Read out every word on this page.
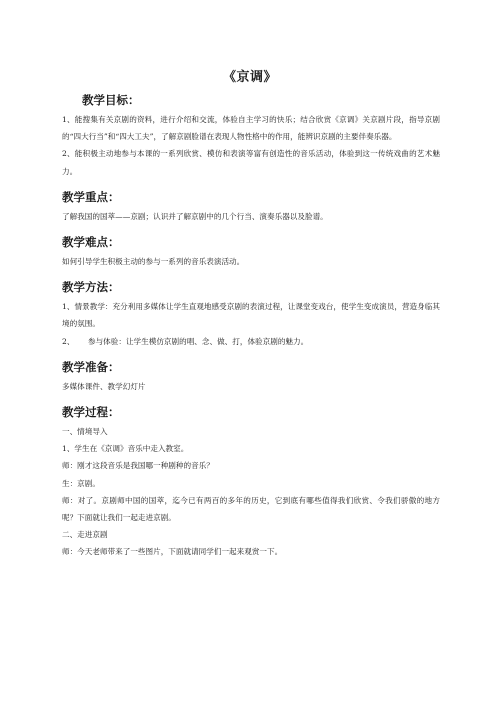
《京调》
教学目标：

1、能搜集有关京剧的资料，进行介绍和交流，体验自主学习的快乐；结合欣赏《京调》关京剧片段，指导京剧的“四大行当”和“四大工夫”，了解京剧脸谱在表现人物性格中的作用，能辨识京剧的主要伴奏乐器。

2、能积极主动地参与本课的一系列欣赏、模仿和表演等富有创造性的音乐活动，体验到这一传统戏曲的艺术魅力。

教学重点：

了解我国的国萃——京剧；认识并了解京剧中的几个行当、演奏乐器以及脸谱。

教学难点：

如何引导学生积极主动的参与一系列的音乐表演活动。

教学方法：

1、情景教学：充分利用多媒体让学生直观地感受京剧的表演过程，让课堂变戏台，使学生变成演员，营造身临其境的氛围。

2、 参与体验：让学生模仿京剧的唱、念、做、打，体验京剧的魅力。

教学准备：

多媒体课件、教学幻灯片

教学过程：

一、情境导入

1、学生在《京调》音乐中走入教室。

师：刚才这段音乐是我国哪一种剧种的音乐？

生：京剧。

师：对了。京剧师中国的国萃，迄今已有两百的多年的历史，它到底有哪些值得我们欣赏、令我们骄傲的地方呢？下面就让我们一起走进京剧。

二、走进京剧

师：今天老师带来了一些图片，下面就请同学们一起来观赏一下。
